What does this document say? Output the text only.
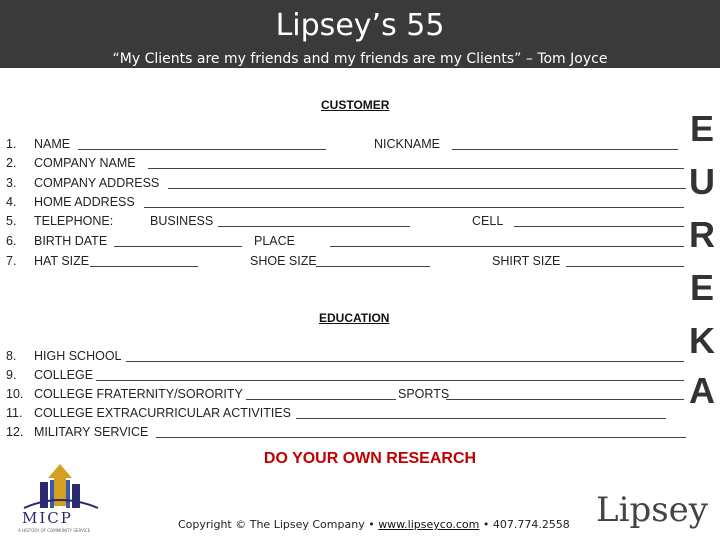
Lipsey’s 55
“My Clients are my friends and my friends are my Clients” – Tom Joyce
CUSTOMER
1.	NAME	NICKNAME
2.	COMPANY NAME
3.	COMPANY ADDRESS
4.	HOME ADDRESS
5.	TELEPHONE:	BUSINESS	CELL
6.	BIRTH DATE	PLACE
7.	HAT SIZE	SHOE SIZE	SHIRT SIZE
EDUCATION
8.	HIGH SCHOOL
9.	COLLEGE
10. COLLEGE FRATERNITY/SORORITY	SPORTS
11. COLLEGE EXTRACURRICULAR ACTIVITIES
12. MILITARY SERVICE
E
U
R
E
K
A
DO YOUR OWN RESEARCH
MICP
A HISTORY OF COMMUNITY SERVICE	Copyright © The Lipsey Company • www.lipseyco.com • 407.774.2558 Lipsey
